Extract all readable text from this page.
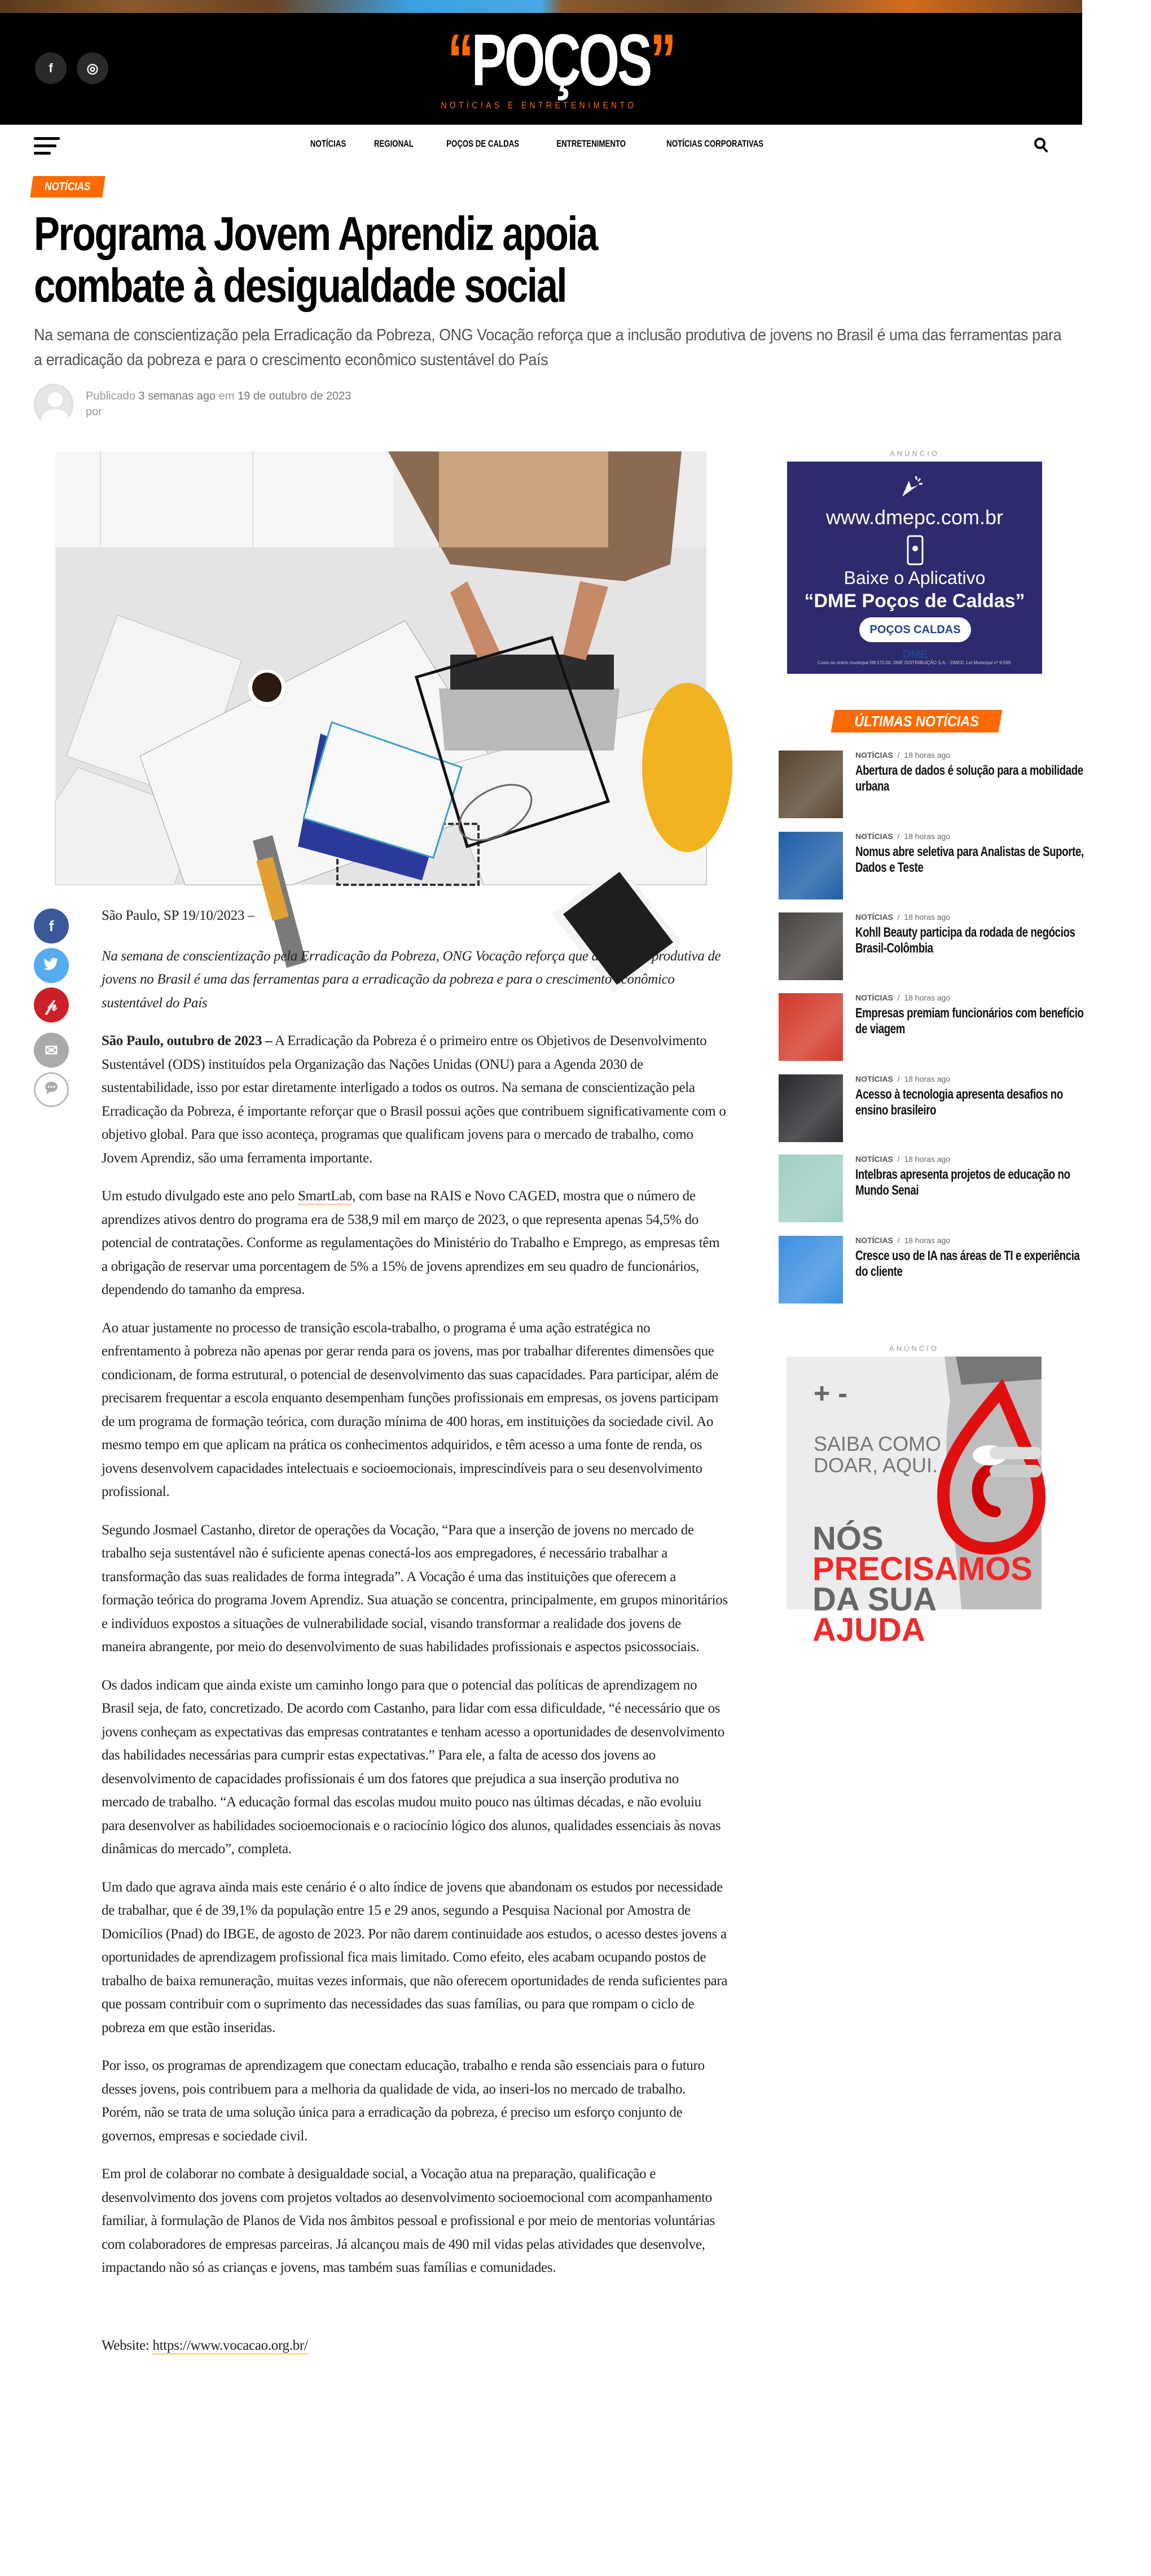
f ◎	“POÇOS”
NOTÍCIAS E ENTRETENIMENTO
NOTÍCIAS	REGIONAL	POÇOS DE CALDAS	ENTRETENIMENTO	NOTÍCIAS CORPORATIVAS
NOTÍCIAS
Programa Jovem Aprendiz apoia combate à desigualdade social
Na semana de conscientização pela Erradicação da Pobreza, ONG Vocação reforça que a inclusão produtiva de jovens no Brasil é uma das ferramentas para a erradicação da pobreza e para o crescimento econômico sustentável do País
Publicado 3 semanas ago em 19 de outubro de 2023
por
f
𝓅
✉

São Paulo, SP 19/10/2023 –

Na semana de conscientização pela Erradicação da Pobreza, ONG Vocação reforça que a inclusão produtiva de jovens no Brasil é uma das ferramentas para a erradicação da pobreza e para o crescimento econômico sustentável do País

São Paulo, outubro de 2023 – A Erradicação da Pobreza é o primeiro entre os Objetivos de Desenvolvimento Sustentável (ODS) instituídos pela Organização das Nações Unidas (ONU) para a Agenda 2030 de sustentabilidade, isso por estar diretamente interligado a todos os outros. Na semana de conscientização pela Erradicação da Pobreza, é importante reforçar que o Brasil possui ações que contribuem significativamente com o objetivo global. Para que isso aconteça, programas que qualificam jovens para o mercado de trabalho, como Jovem Aprendiz, são uma ferramenta importante.

Um estudo divulgado este ano pelo SmartLab, com base na RAIS e Novo CAGED, mostra que o número de aprendizes ativos dentro do programa era de 538,9 mil em março de 2023, o que representa apenas 54,5% do potencial de contratações. Conforme as regulamentações do Ministério do Trabalho e Emprego, as empresas têm a obrigação de reservar uma porcentagem de 5% a 15% de jovens aprendizes em seu quadro de funcionários, dependendo do tamanho da empresa.

Ao atuar justamente no processo de transição escola-trabalho, o programa é uma ação estratégica no enfrentamento à pobreza não apenas por gerar renda para os jovens, mas por trabalhar diferentes dimensões que condicionam, de forma estrutural, o potencial de desenvolvimento das suas capacidades. Para participar, além de precisarem frequentar a escola enquanto desempenham funções profissionais em empresas, os jovens participam de um programa de formação teórica, com duração mínima de 400 horas, em instituições da sociedade civil. Ao mesmo tempo em que aplicam na prática os conhecimentos adquiridos, e têm acesso a uma fonte de renda, os jovens desenvolvem capacidades intelectuais e socioemocionais, imprescindíveis para o seu desenvolvimento profissional.

Segundo Josmael Castanho, diretor de operações da Vocação, “Para que a inserção de jovens no mercado de trabalho seja sustentável não é suficiente apenas conectá-los aos empregadores, é necessário trabalhar a transformação das suas realidades de forma integrada”. A Vocação é uma das instituições que oferecem a formação teórica do programa Jovem Aprendiz. Sua atuação se concentra, principalmente, em grupos minoritários e indivíduos expostos a situações de vulnerabilidade social, visando transformar a realidade dos jovens de maneira abrangente, por meio do desenvolvimento de suas habilidades profissionais e aspectos psicossociais.

Os dados indicam que ainda existe um caminho longo para que o potencial das políticas de aprendizagem no Brasil seja, de fato, concretizado. De acordo com Castanho, para lidar com essa dificuldade, “é necessário que os jovens conheçam as expectativas das empresas contratantes e tenham acesso a oportunidades de desenvolvimento das habilidades necessárias para cumprir estas expectativas.” Para ele, a falta de acesso dos jovens ao desenvolvimento de capacidades profissionais é um dos fatores que prejudica a sua inserção produtiva no mercado de trabalho. “A educação formal das escolas mudou muito pouco nas últimas décadas, e não evoluiu para desenvolver as habilidades socioemocionais e o raciocínio lógico dos alunos, qualidades essenciais às novas dinâmicas do mercado”, completa.

Um dado que agrava ainda mais este cenário é o alto índice de jovens que abandonam os estudos por necessidade de trabalhar, que é de 39,1% da população entre 15 e 29 anos, segundo a Pesquisa Nacional por Amostra de Domicílios (Pnad) do IBGE, de agosto de 2023. Por não darem continuidade aos estudos, o acesso destes jovens a oportunidades de aprendizagem profissional fica mais limitado. Como efeito, eles acabam ocupando postos de trabalho de baixa remuneração, muitas vezes informais, que não oferecem oportunidades de renda suficientes para que possam contribuir com o suprimento das necessidades das suas famílias, ou para que rompam o ciclo de pobreza em que estão inseridas.

Por isso, os programas de aprendizagem que conectam educação, trabalho e renda são essenciais para o futuro desses jovens, pois contribuem para a melhoria da qualidade de vida, ao inseri-los no mercado de trabalho. Porém, não se trata de uma solução única para a erradicação da pobreza, é preciso um esforço conjunto de governos, empresas e sociedade civil.

Em prol de colaborar no combate à desigualdade social, a Vocação atua na preparação, qualificação e desenvolvimento dos jovens com projetos voltados ao desenvolvimento socioemocional com acompanhamento familiar, à formulação de Planos de Vida nos âmbitos pessoal e profissional e por meio de mentorias voluntárias com colaboradores de empresas parceiras. Já alcançou mais de 490 mil vidas pelas atividades que desenvolve, impactando não só as crianças e jovens, mas também suas famílias e comunidades.

Website: https://www.vocacao.org.br/

ANÚNCIO
www.dmepc.com.br
Baixe o Aplicativo
“DME Poços de Caldas”
POÇOS CALDAS DME
Custo ao erário municipal R$ 570,00. DME DISTRIBUIÇÃO S.A. - DMED. Lei Municipal nº 9.599.
ÚLTIMAS NOTÍCIAS
NOTÍCIAS  /  18 horas ago
Abertura de dados é solução para a mobilidade urbana
NOTÍCIAS  /  18 horas ago
Nomus abre seletiva para Analistas de Suporte, Dados e Teste
NOTÍCIAS  /  18 horas ago
Kohll Beauty participa da rodada de negócios Brasil-Colômbia
NOTÍCIAS  /  18 horas ago
Empresas premiam funcionários com benefício de viagem
NOTÍCIAS  /  18 horas ago
Acesso à tecnologia apresenta desafios no ensino brasileiro
NOTÍCIAS  /  18 horas ago
Intelbras apresenta projetos de educação no Mundo Senai
NOTÍCIAS  /  18 horas ago
Cresce uso de IA nas áreas de TI e experiência do cliente
ANÚNCIO
+ -
SAIBA COMO
DOAR, AQUI.
NÓS
PRECISAMOS
DA SUA AJUDA
